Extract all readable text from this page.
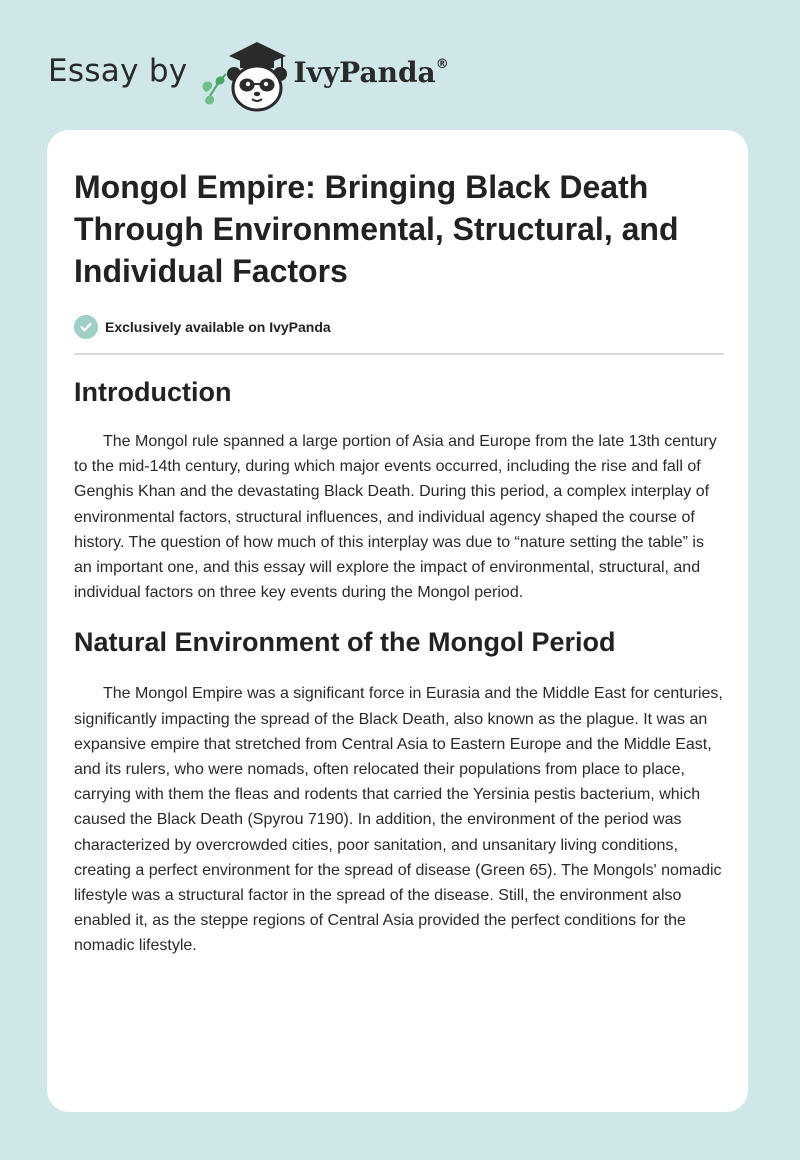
Essay by	IvyPanda®
Mongol Empire: Bringing Black Death Through Environmental, Structural, and Individual Factors
Exclusively available on IvyPanda
Introduction

The Mongol rule spanned a large portion of Asia and Europe from the late 13th century to the mid-14th century, during which major events occurred, including the rise and fall of Genghis Khan and the devastating Black Death. During this period, a complex interplay of environmental factors, structural influences, and individual agency shaped the course of history. The question of how much of this interplay was due to “nature setting the table” is an important one, and this essay will explore the impact of environmental, structural, and individual factors on three key events during the Mongol period.

Natural Environment of the Mongol Period

The Mongol Empire was a significant force in Eurasia and the Middle East for centuries, significantly impacting the spread of the Black Death, also known as the plague. It was an expansive empire that stretched from Central Asia to Eastern Europe and the Middle East, and its rulers, who were nomads, often relocated their populations from place to place, carrying with them the fleas and rodents that carried the Yersinia pestis bacterium, which caused the Black Death (Spyrou 7190). In addition, the environment of the period was characterized by overcrowded cities, poor sanitation, and unsanitary living conditions, creating a perfect environment for the spread of disease (Green 65). The Mongols' nomadic lifestyle was a structural factor in the spread of the disease. Still, the environment also enabled it, as the steppe regions of Central Asia provided the perfect conditions for the nomadic lifestyle.
